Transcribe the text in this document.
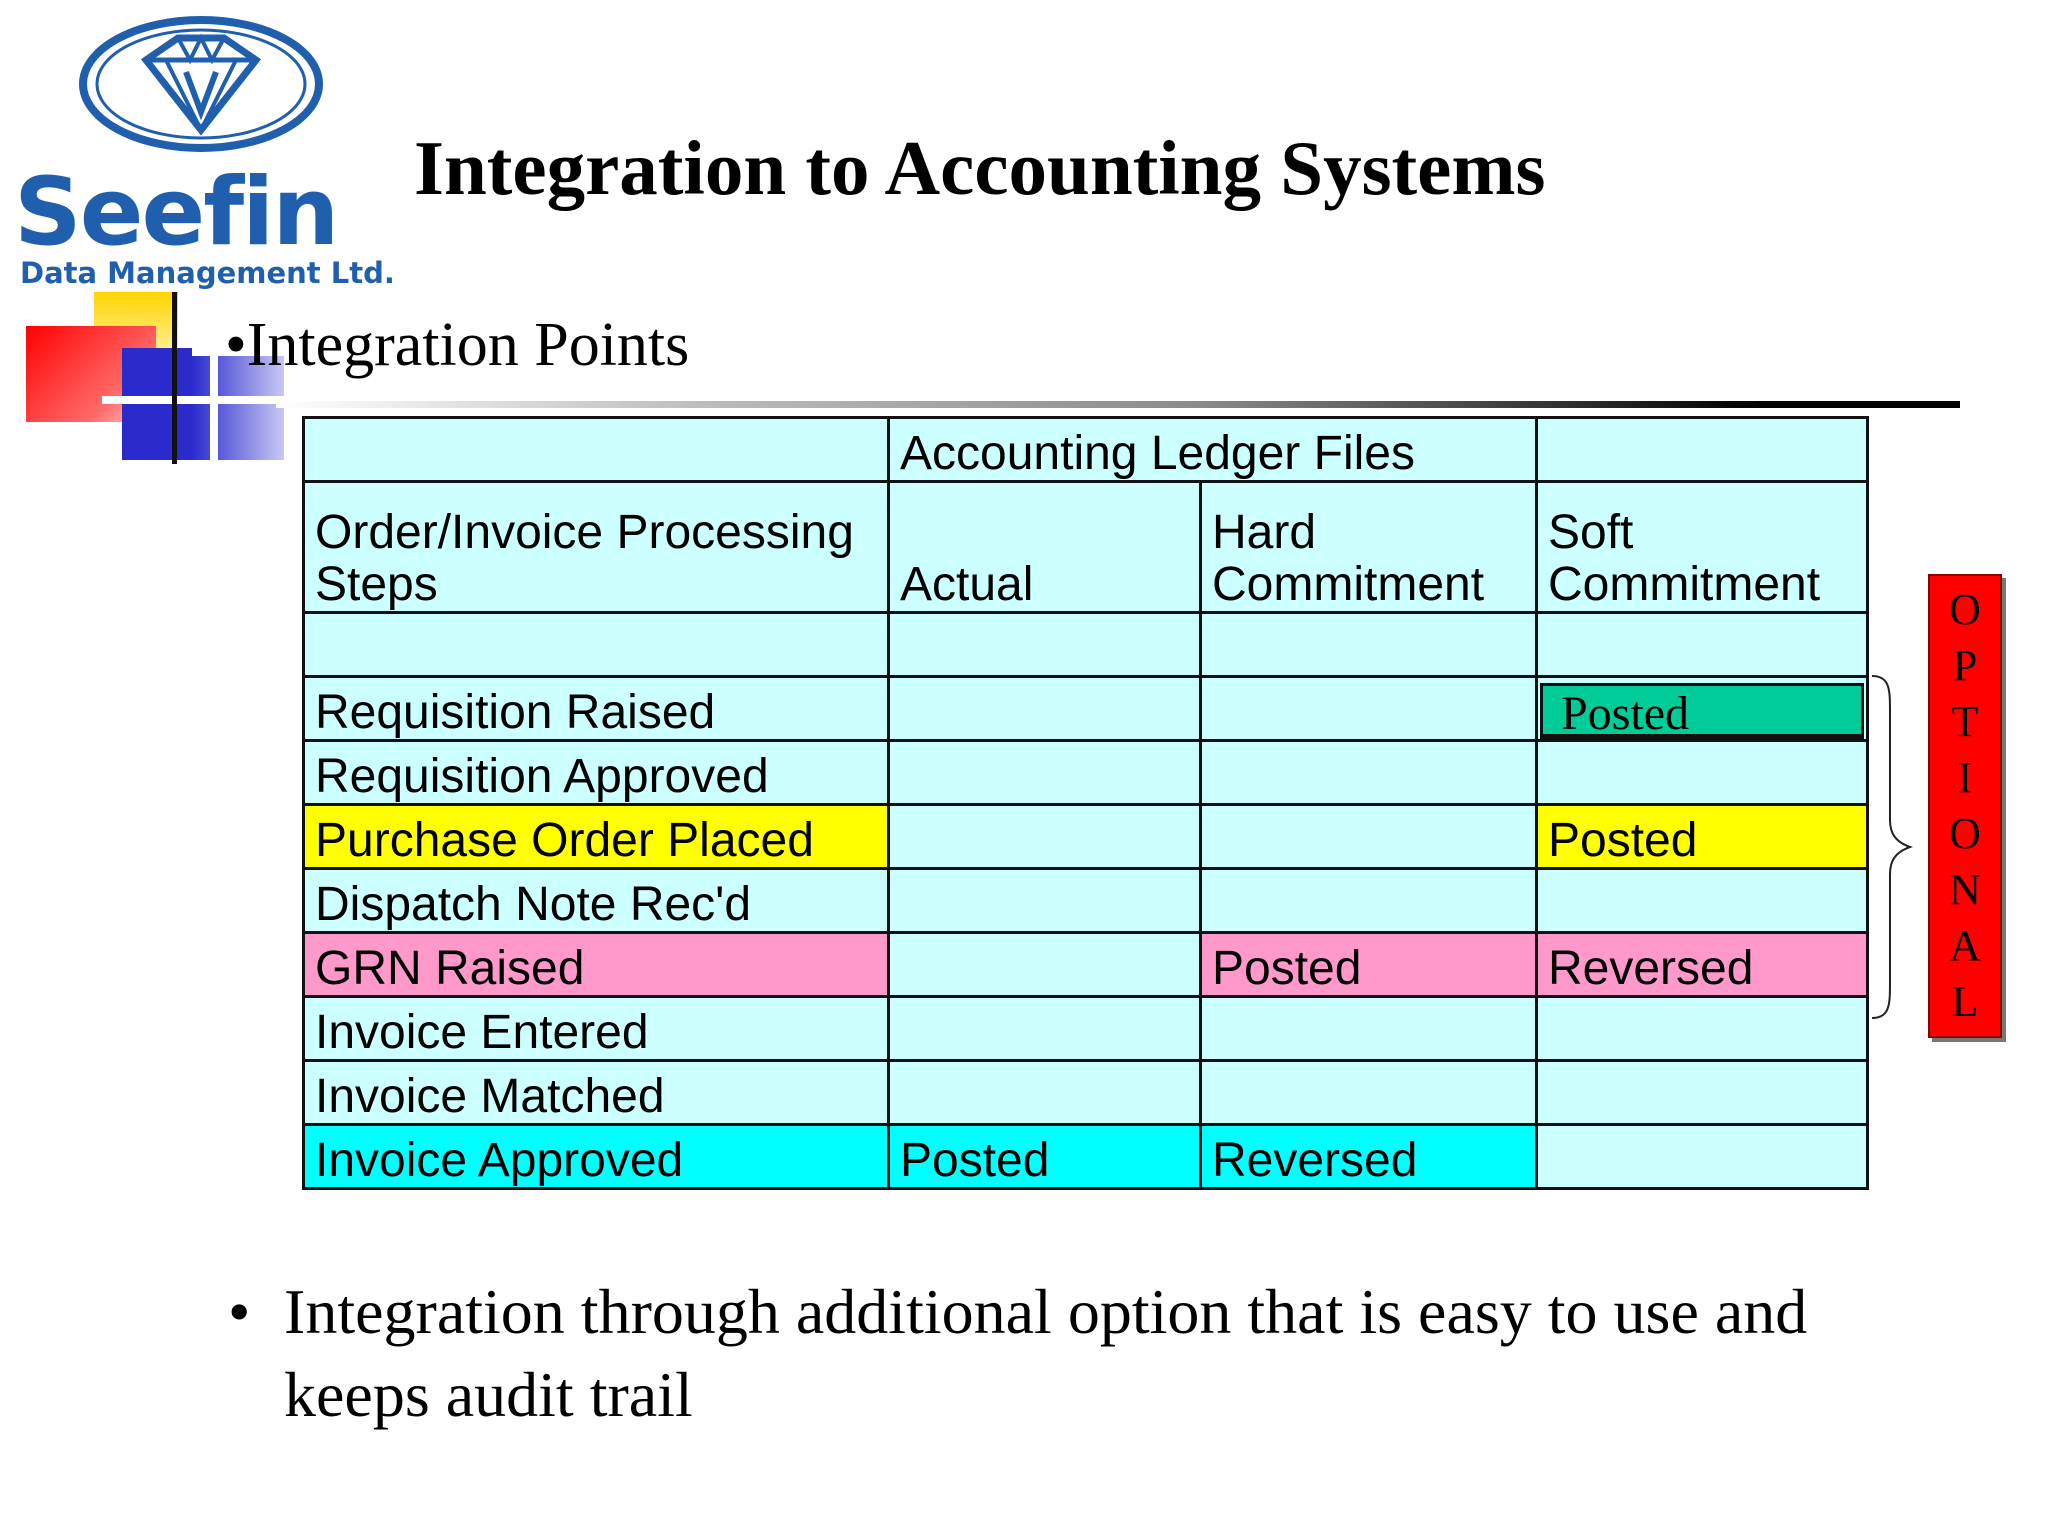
Seefin
Data Management Ltd.
Integration to Accounting Systems
•Integration Points
	Accounting Ledger Files		
Order/Invoice Processing Steps	Actual	Hard Commitment	Soft Commitment

Requisition Raised			Posted

Requisition Approved			
Purchase Order Placed			Posted
Dispatch Note Rec'd			
GRN Raised		Posted	Reversed
Invoice Entered			
Invoice Matched			
Invoice Approved	Posted	Reversed	
O
P
T
I
O
N
A
L
• Integration through additional option that is easy to use and keeps audit trail
